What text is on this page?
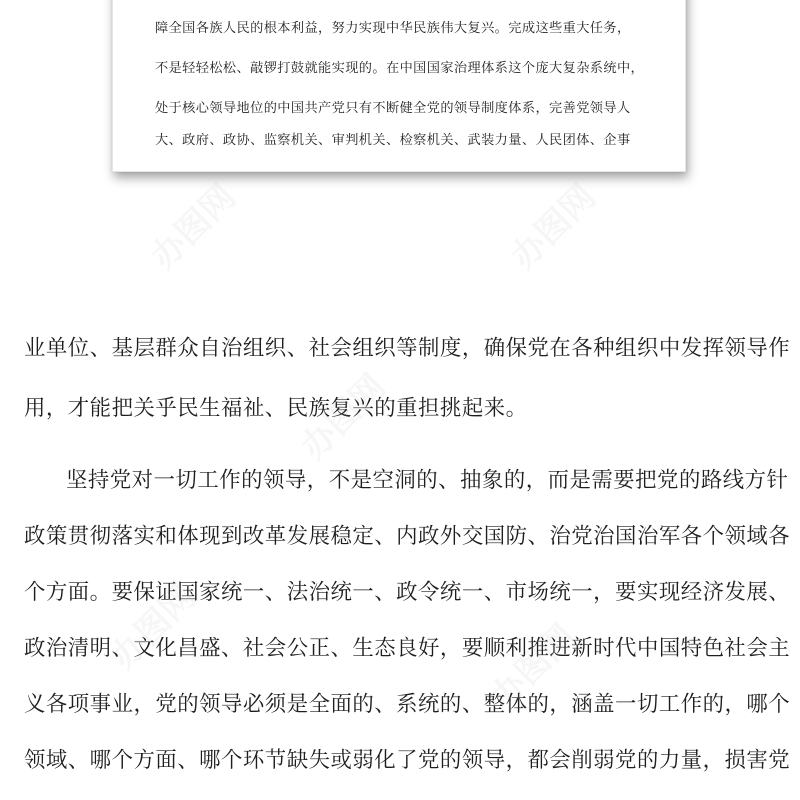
障全国各族人民的根本利益，努力实现中华民族伟大复兴。完成这些重大任务，
不是轻轻松松、敲锣打鼓就能实现的。在中国国家治理体系这个庞大复杂系统中，
处于核心领导地位的中国共产党只有不断健全党的领导制度体系，完善党领导人
大、政府、政协、监察机关、审判机关、检察机关、武装力量、人民团体、企事
业单位、基层群众自治组织、社会组织等制度，确保党在各种组织中发挥领导作
用，才能把关乎民生福祉、民族复兴的重担挑起来。
坚持党对一切工作的领导，不是空洞的、抽象的，而是需要把党的路线方针
政策贯彻落实和体现到改革发展稳定、内政外交国防、治党治国治军各个领域各
个方面。要保证国家统一、法治统一、政令统一、市场统一，要实现经济发展、
政治清明、文化昌盛、社会公正、生态良好，要顺利推进新时代中国特色社会主
义各项事业，党的领导必须是全面的、系统的、整体的，涵盖一切工作的，哪个
领域、哪个方面、哪个环节缺失或弱化了党的领导，都会削弱党的力量，损害党
办图网	办图网
办图网
办图网	办图网
